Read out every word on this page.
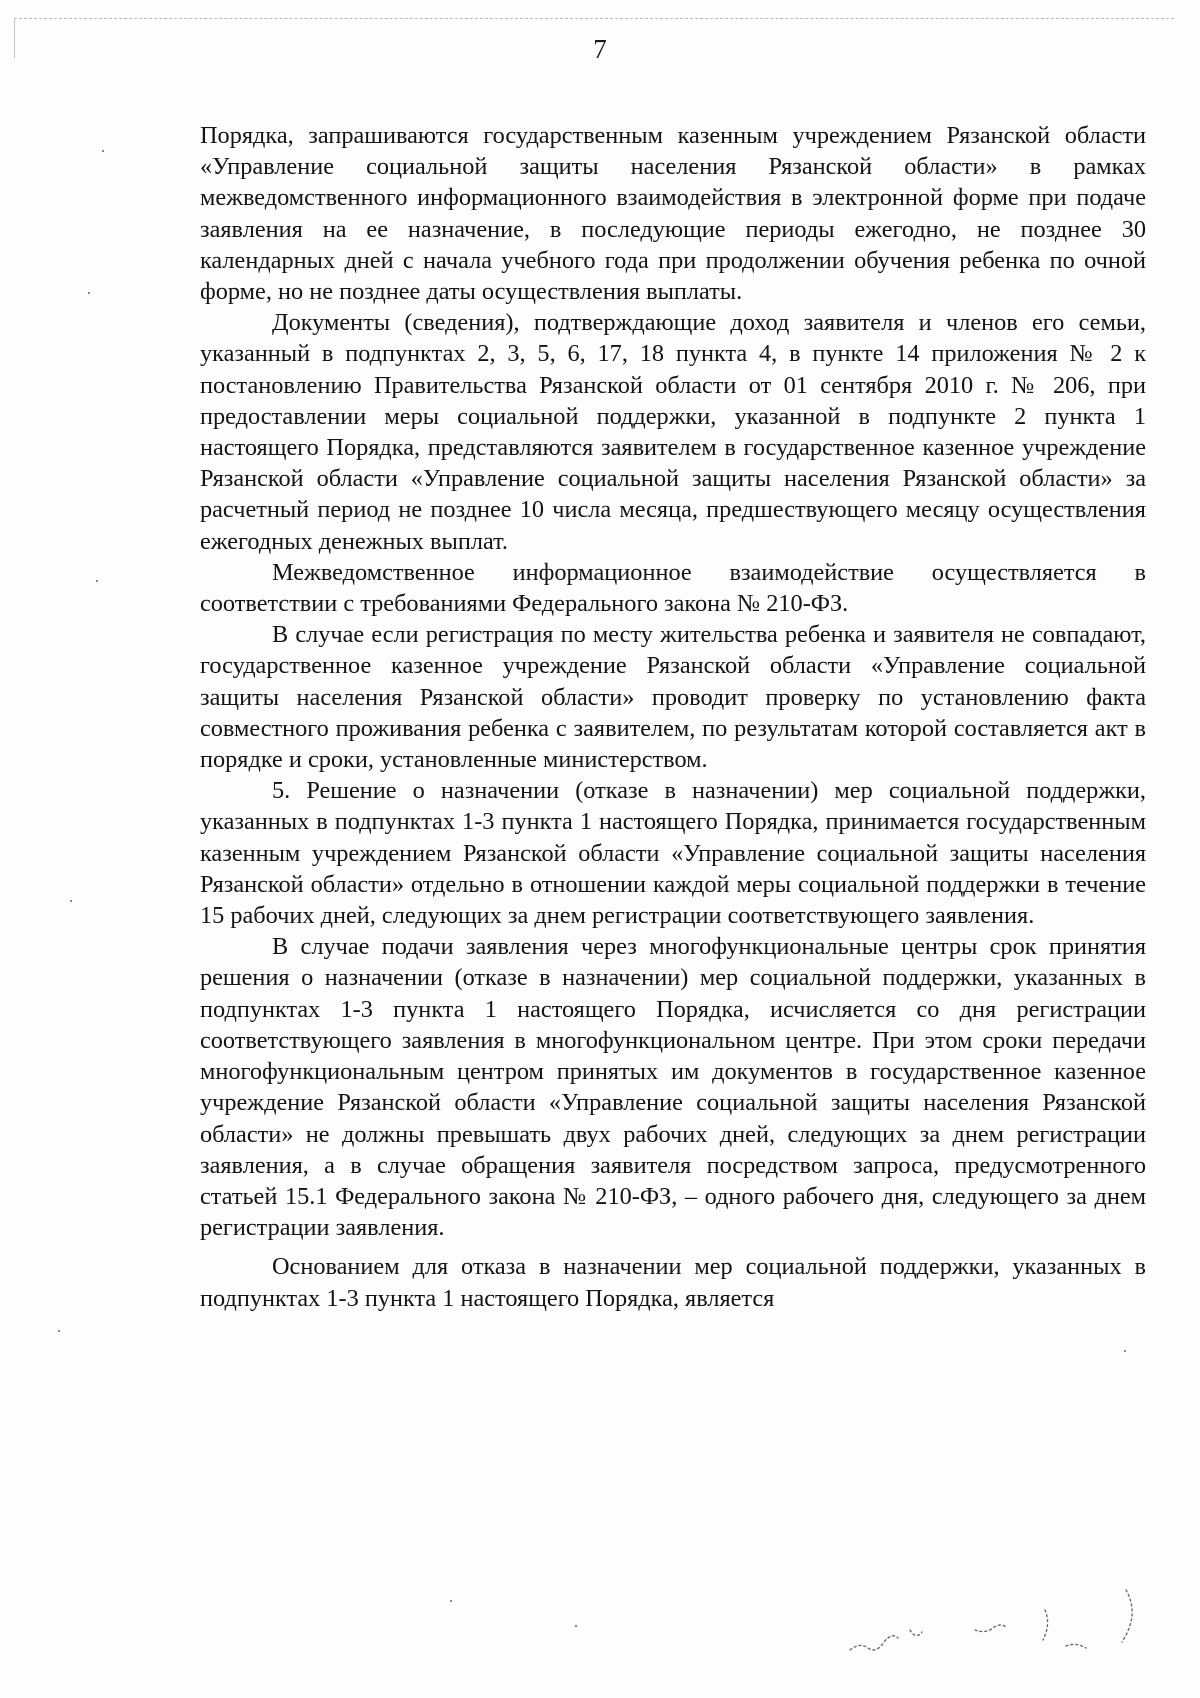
7

Порядка, запрашиваются государственным казенным учреждением Рязанской области «Управление социальной защиты населения Рязанской области» в рамках межведомственного информационного взаимодействия в электронной форме при подаче заявления на ее назначение, в последующие периоды ежегодно, не позднее 30 календарных дней с начала учебного года при продолжении обучения ребенка по очной форме, но не позднее даты осуществления выплаты.

Документы (сведения), подтверждающие доход заявителя и членов его семьи, указанный в подпунктах 2, 3, 5, 6, 17, 18 пункта 4, в пункте 14 приложения № 2 к постановлению Правительства Рязанской области от 01 сентября 2010 г. № 206, при предоставлении меры социальной поддержки, указанной в подпункте 2 пункта 1 настоящего Порядка, представляются заявителем в государственное казенное учреждение Рязанской области «Управление социальной защиты населения Рязанской области» за расчетный период не позднее 10 числа месяца, предшествующего месяцу осуществления ежегодных денежных выплат.

Межведомственное информационное взаимодействие осуществляется в соответствии с требованиями Федерального закона № 210-ФЗ.

В случае если регистрация по месту жительства ребенка и заявителя не совпадают, государственное казенное учреждение Рязанской области «Управление социальной защиты населения Рязанской области» проводит проверку по установлению факта совместного проживания ребенка с заявителем, по результатам которой составляется акт в порядке и сроки, установленные министерством.

5. Решение о назначении (отказе в назначении) мер социальной поддержки, указанных в подпунктах 1-3 пункта 1 настоящего Порядка, принимается государственным казенным учреждением Рязанской области «Управление социальной защиты населения Рязанской области» отдельно в отношении каждой меры социальной поддержки в течение 15 рабочих дней, следующих за днем регистрации соответствующего заявления.

В случае подачи заявления через многофункциональные центры срок принятия решения о назначении (отказе в назначении) мер социальной поддержки, указанных в подпунктах 1-3 пункта 1 настоящего Порядка, исчисляется со дня регистрации соответствующего заявления в многофункциональном центре. При этом сроки передачи многофункциональным центром принятых им документов в государственное казенное учреждение Рязанской области «Управление социальной защиты населения Рязанской области» не должны превышать двух рабочих дней, следующих за днем регистрации заявления, а в случае обращения заявителя посредством запроса, предусмотренного статьей 15.1 Федерального закона № 210-ФЗ, – одного рабочего дня, следующего за днем регистрации заявления.

Основанием для отказа в назначении мер социальной поддержки, указанных в подпунктах 1-3 пункта 1 настоящего Порядка, является
